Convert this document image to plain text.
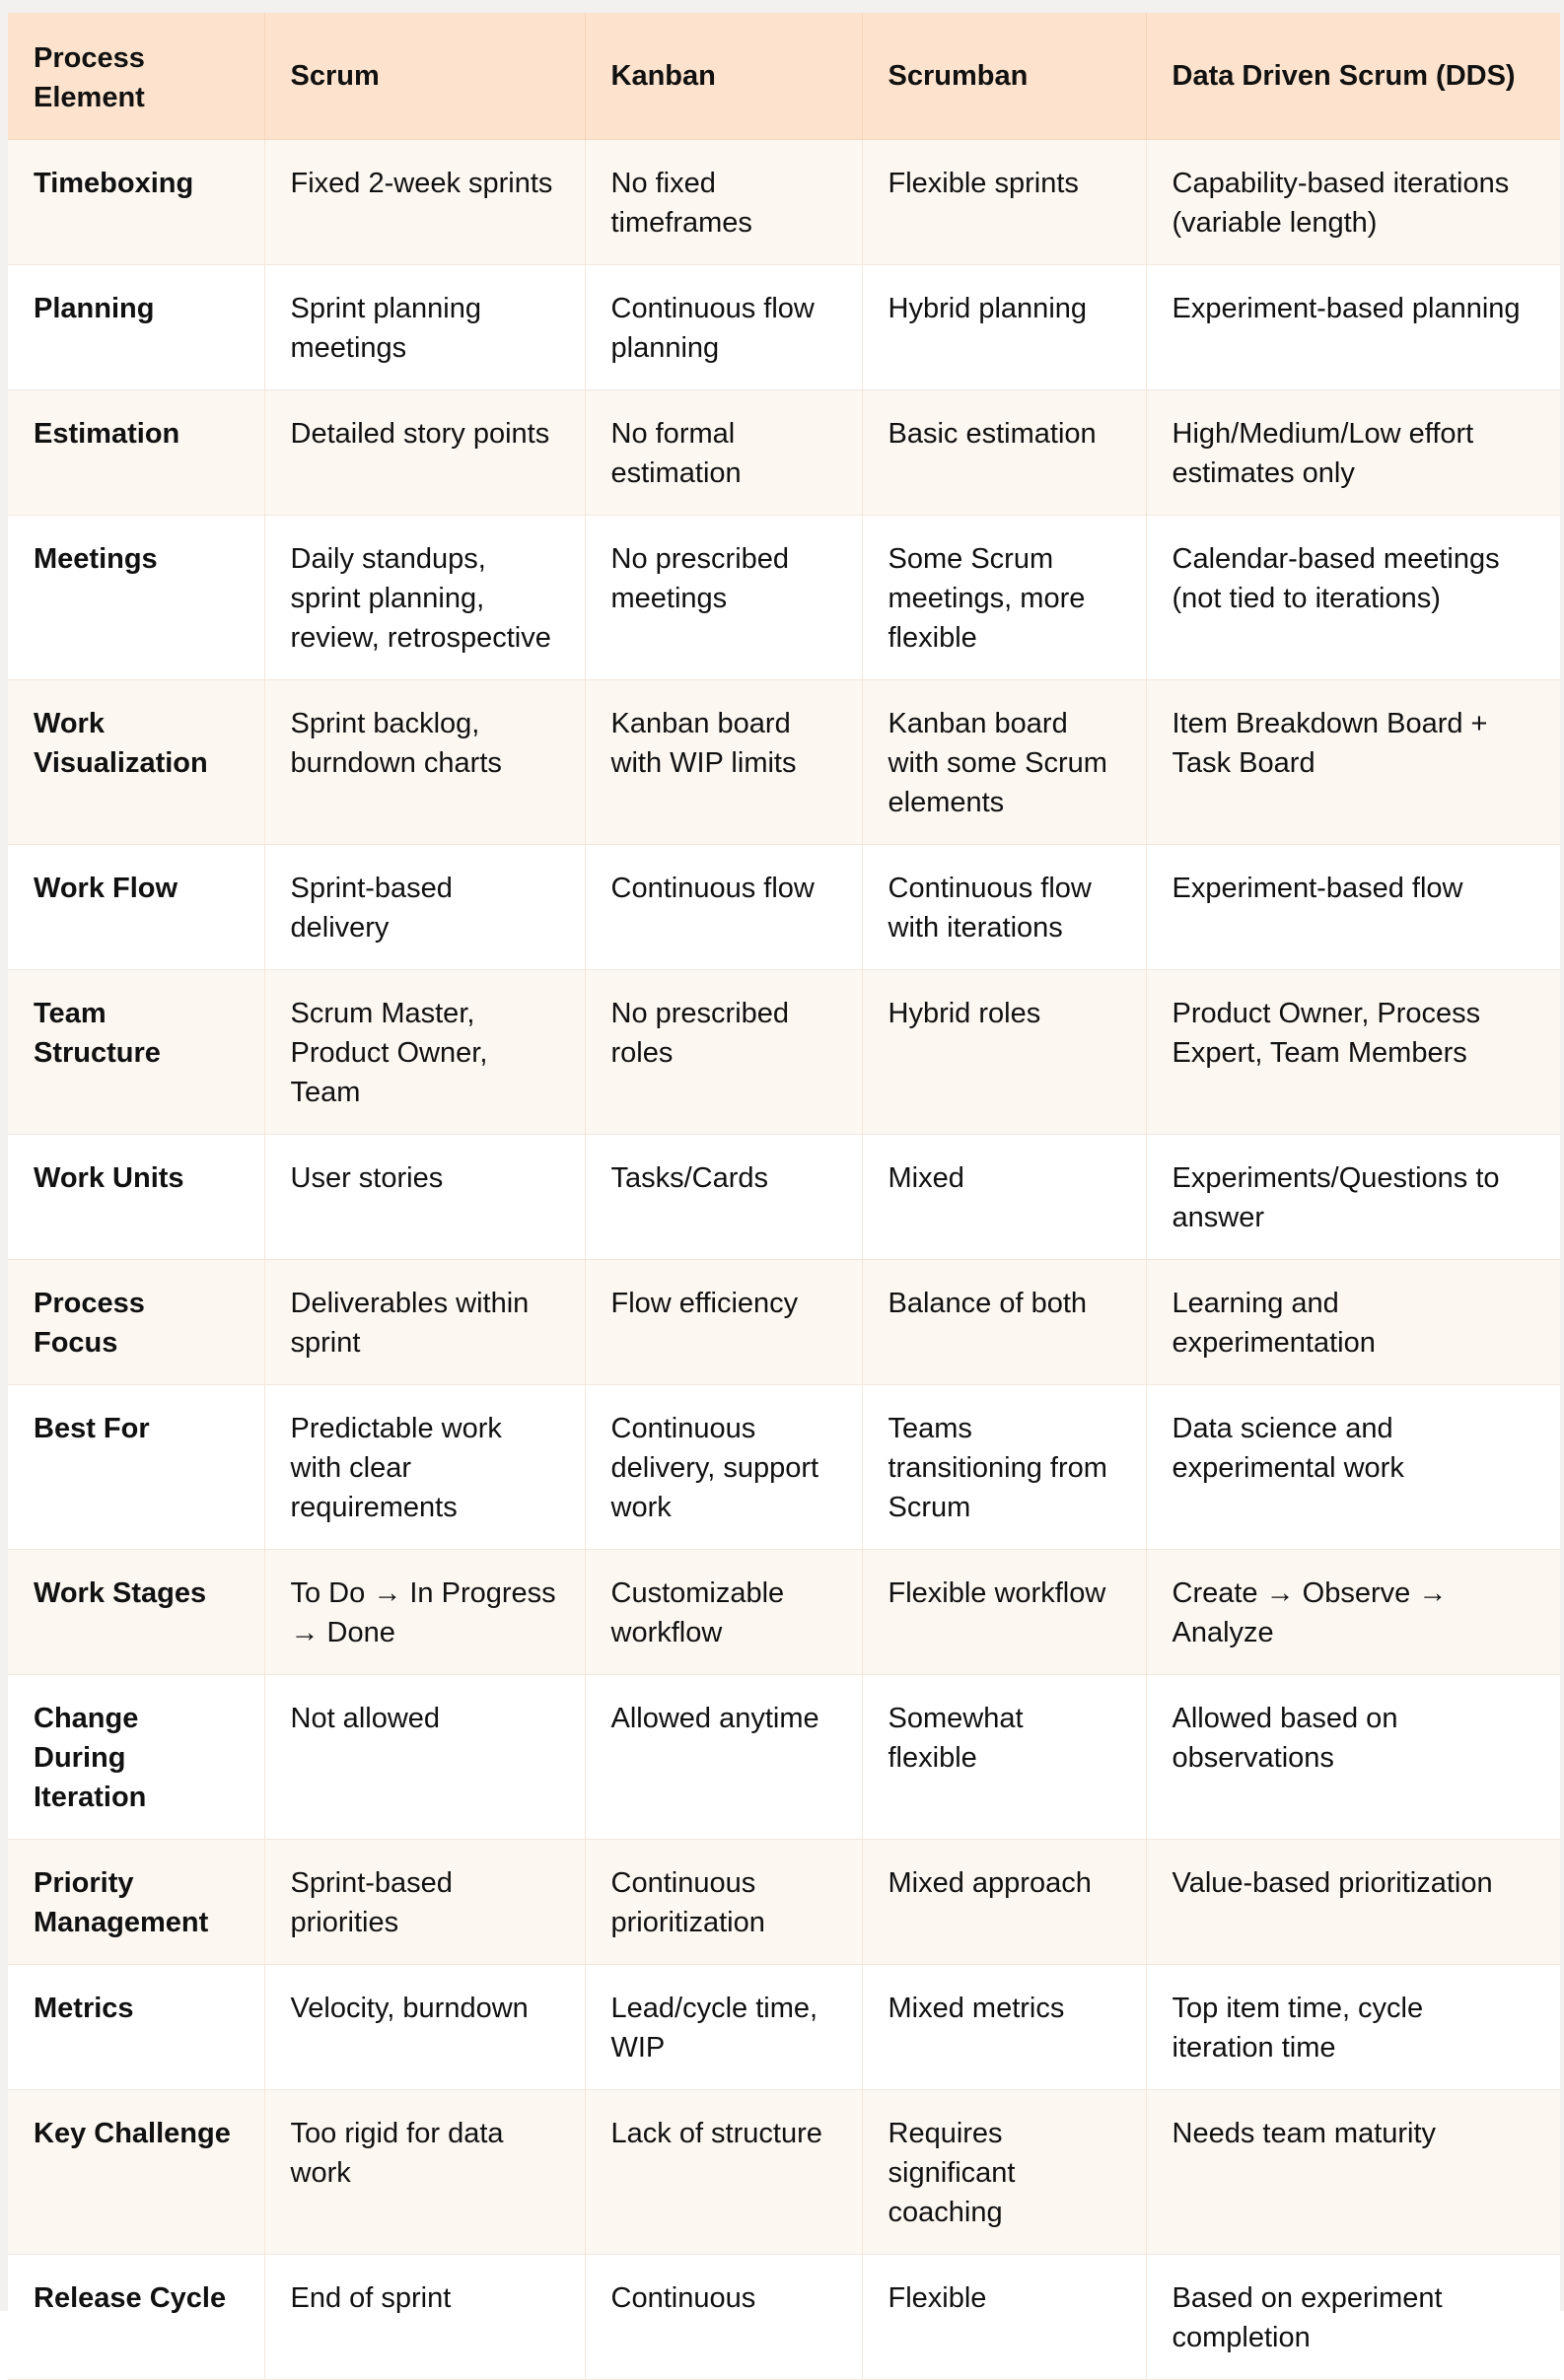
Process Element	Scrum	Kanban	Scrumban	Data Driven Scrum (DDS)
Timeboxing	Fixed 2-week sprints	No fixed timeframes	Flexible sprints	Capability-based iterations (variable length)
Planning	Sprint planning meetings	Continuous flow planning	Hybrid planning	Experiment-based planning
Estimation	Detailed story points	No formal estimation	Basic estimation	High/Medium/Low effort estimates only
Meetings	Daily standups, sprint planning, review, retrospective	No prescribed meetings	Some Scrum meetings, more flexible	Calendar-based meetings (not tied to iterations)
Work Visualization	Sprint backlog, burndown charts	Kanban board with WIP limits	Kanban board with some Scrum elements	Item Breakdown Board + Task Board
Work Flow	Sprint-based delivery	Continuous flow	Continuous flow with iterations	Experiment-based flow
Team Structure	Scrum Master, Product Owner, Team	No prescribed roles	Hybrid roles	Product Owner, Process Expert, Team Members
Work Units	User stories	Tasks/Cards	Mixed	Experiments/Questions to answer
Process Focus	Deliverables within sprint	Flow efficiency	Balance of both	Learning and experimentation
Best For	Predictable work with clear requirements	Continuous delivery, support work	Teams transitioning from Scrum	Data science and experimental work
Work Stages	To Do → In Progress → Done	Customizable workflow	Flexible workflow	Create → Observe → Analyze
Change During Iteration	Not allowed	Allowed anytime	Somewhat flexible	Allowed based on observations
Priority Management	Sprint-based priorities	Continuous prioritization	Mixed approach	Value-based prioritization
Metrics	Velocity, burndown	Lead/cycle time, WIP	Mixed metrics	Top item time, cycle iteration time
Key Challenge	Too rigid for data work	Lack of structure	Requires significant coaching	Needs team maturity
Release Cycle	End of sprint	Continuous	Flexible	Based on experiment completion
